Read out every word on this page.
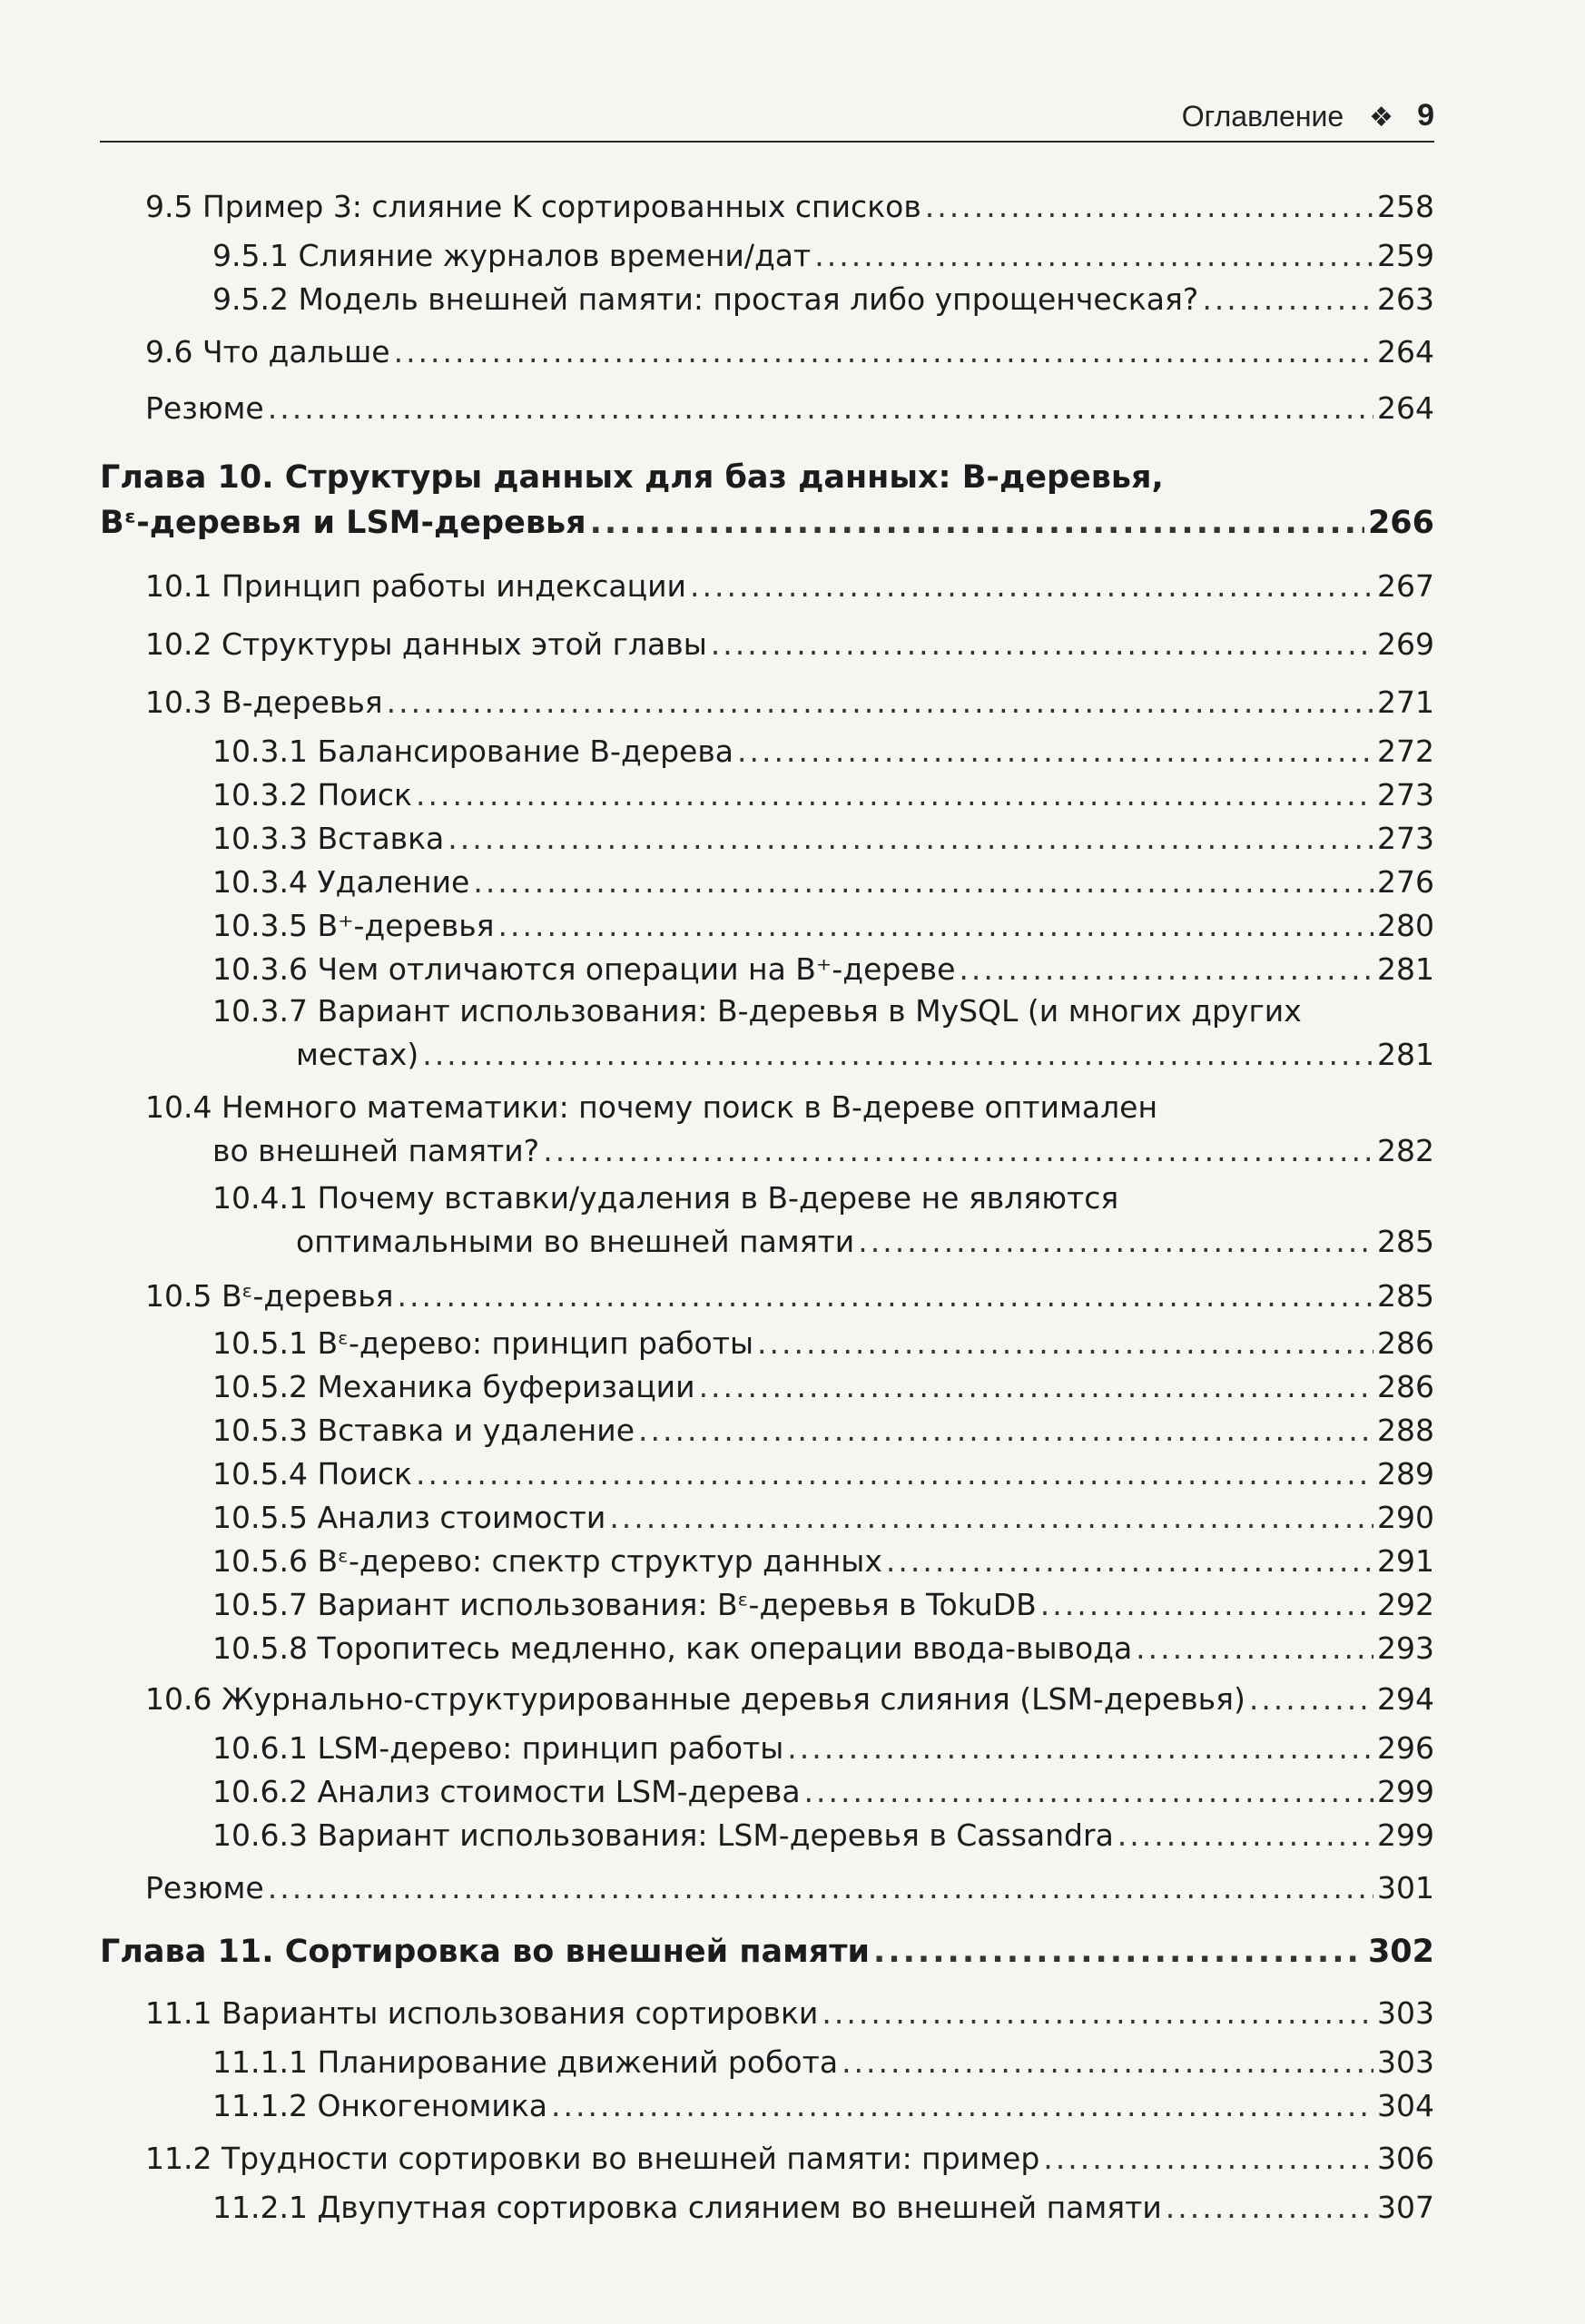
Оглавление ❖ 9
9.5 Пример 3: слияние K сортированных списков .....	258
9.5.1 Слияние журналов времени/дат .....	259
9.5.2 Модель внешней памяти: простая либо упрощенческая? .....	263
9.6 Что дальше .....	264
Резюме .....	264
Глава 10. Структуры данных для баз данных: B-деревья,
Bᵋ-деревья и LSM-деревья .....	266
10.1 Принцип работы индексации .....	267
10.2 Структуры данных этой главы .....	269
10.3 B-деревья .....	271
10.3.1 Балансирование B-дерева .....	272
10.3.2 Поиск .....	273
10.3.3 Вставка .....	273
10.3.4 Удаление .....	276
10.3.5 B⁺-деревья .....	280
10.3.6 Чем отличаются операции на B⁺-дереве .....	281
10.3.7 Вариант использования: B-деревья в MySQL (и многих других
местах) .....	281
10.4 Немного математики: почему поиск в B-дереве оптимален
во внешней памяти? .....	282
10.4.1 Почему вставки/удаления в B-дереве не являются
оптимальными во внешней памяти .....	285
10.5 Bᵋ-деревья .....	285
10.5.1 Bᵋ-дерево: принцип работы .....	286
10.5.2 Механика буферизации .....	286
10.5.3 Вставка и удаление .....	288
10.5.4 Поиск .....	289
10.5.5 Анализ стоимости .....	290
10.5.6 Bᵋ-дерево: спектр структур данных .....	291
10.5.7 Вариант использования: Bᵋ-деревья в TokuDB .....	292
10.5.8 Торопитесь медленно, как операции ввода-вывода .....	293
10.6 Журнально-структурированные деревья слияния (LSM-деревья) .....	294
10.6.1 LSM-дерево: принцип работы .....	296
10.6.2 Анализ стоимости LSM-дерева .....	299
10.6.3 Вариант использования: LSM-деревья в Cassandra .....	299
Резюме .....	301
Глава 11. Сортировка во внешней памяти .....	302
11.1 Варианты использования сортировки .....	303
11.1.1 Планирование движений робота .....	303
11.1.2 Онкогеномика .....	304
11.2 Трудности сортировки во внешней памяти: пример .....	306
11.2.1 Двупутная сортировка слиянием во внешней памяти .....	307
